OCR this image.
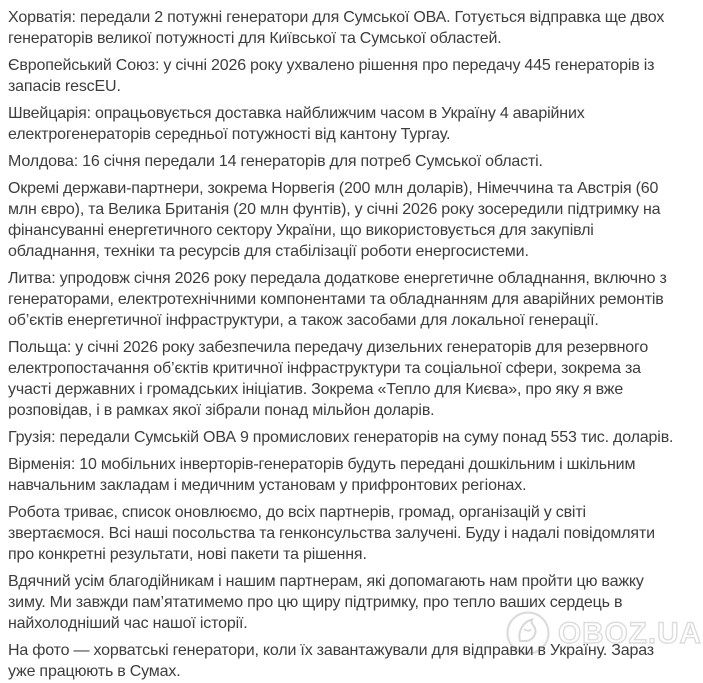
OBOZ.UA

Хорватія: передали 2 потужні генератори для Сумської ОВА. Готується відправка ще двох генераторів великої потужності для Київської та Сумської областей.

Європейський Союз: у січні 2026 року ухвалено рішення про передачу 445 генераторів із запасів rescEU.

Швейцарія: опрацьовується доставка найближчим часом в Україну 4 аварійних електрогенераторів середньої потужності від кантону Тургау.

Молдова: 16 січня передали 14 генераторів для потреб Сумської області.

Окремі держави-партнери, зокрема Норвегія (200 млн доларів), Німеччина та Австрія (60 млн євро), та Велика Британія (20 млн фунтів), у січні 2026 року зосередили підтримку на фінансуванні енергетичного сектору України, що використовується для закупівлі обладнання, техніки та ресурсів для стабілізації роботи енергосистеми.

Литва: упродовж січня 2026 року передала додаткове енергетичне обладнання, включно з генераторами, електротехнічними компонентами та обладнанням для аварійних ремонтів об’єктів енергетичної інфраструктури, а також засобами для локальної генерації.

Польща: у січні 2026 року забезпечила передачу дизельних генераторів для резервного електропостачання об’єктів критичної інфраструктури та соціальної сфери, зокрема за участі державних і громадських ініціатив. Зокрема «Тепло для Києва», про яку я вже розповідав, і в рамках якої зібрали понад мільйон доларів.

Грузія: передали Сумській ОВА 9 промислових генераторів на суму понад 553 тис. доларів.

Вірменія: 10 мобільних інверторів-генераторів будуть передані дошкільним і шкільним навчальним закладам і медичним установам у прифронтових регіонах.

Робота триває, список оновлюємо, до всіх партнерів, громад, організацій у світі звертаємося. Всі наші посольства та генконсульства залучені. Буду і надалі повідомляти про конкретні результати, нові пакети та рішення.

Вдячний усім благодійникам і нашим партнерам, які допомагають нам пройти цю важку зиму. Ми завжди пам’ятатимемо про цю щиру підтримку, про тепло ваших сердець в найхолодніший час нашої історії.

На фото — хорватські генератори, коли їх завантажували для відправки в Україну. Зараз уже працюють в Сумах.
